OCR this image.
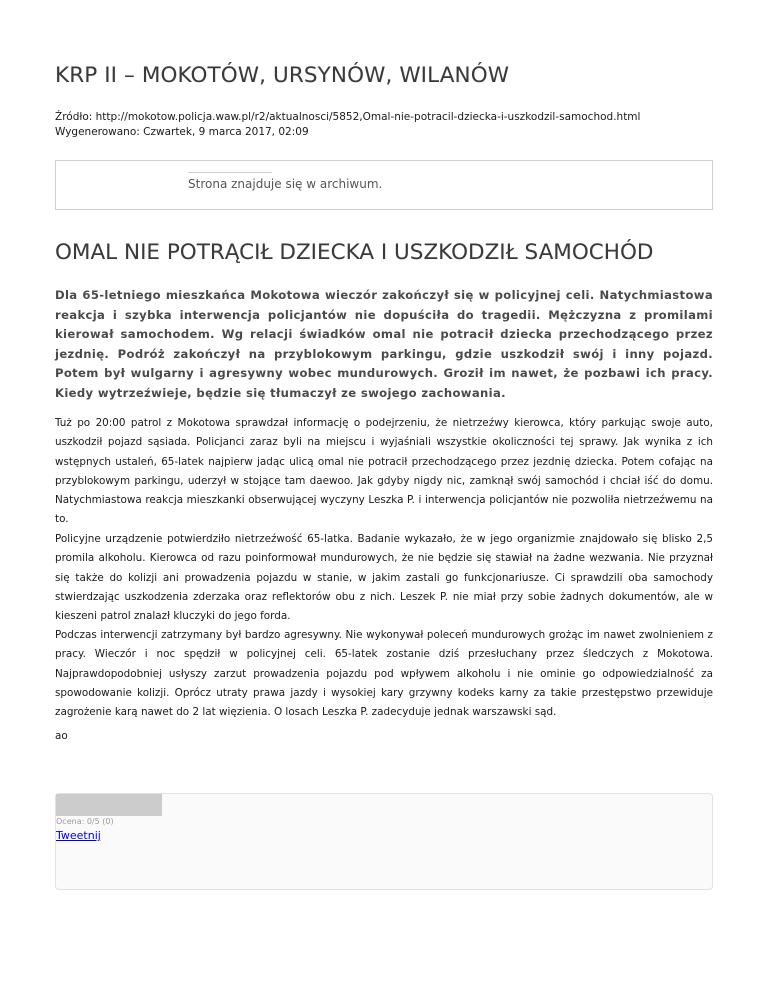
KRP II – MOKOTÓW, URSYNÓW, WILANÓW
Źródło: http://mokotow.policja.waw.pl/r2/aktualnosci/5852,Omal-nie-potracil-dziecka-i-uszkodzil-samochod.html
Wygenerowano: Czwartek, 9 marca 2017, 02:09
Strona znajduje się w archiwum.
OMAL NIE POTRĄCIŁ DZIECKA I USZKODZIŁ SAMOCHÓD

Dla 65-letniego mieszkańca Mokotowa wieczór zakończył się w policyjnej celi. Natychmiastowa reakcja i szybka interwencja policjantów nie dopuściła do tragedii. Mężczyzna z promilami kierował samochodem. Wg relacji świadków omal nie potracił dziecka przechodzącego przez jezdnię. Podróż zakończył na przyblokowym parkingu, gdzie uszkodził swój i inny pojazd. Potem był wulgarny i agresywny wobec mundurowych. Groził im nawet, że pozbawi ich pracy. Kiedy wytrzeźwieje, będzie się tłumaczył ze swojego zachowania.

Tuż po 20:00 patrol z Mokotowa sprawdzał informację o podejrzeniu, że nietrzeźwy kierowca, który parkując swoje auto, uszkodził pojazd sąsiada. Policjanci zaraz byli na miejscu i wyjaśniali wszystkie okoliczności tej sprawy. Jak wynika z ich wstępnych ustaleń, 65-latek najpierw jadąc ulicą omal nie potracił przechodzącego przez jezdnię dziecka. Potem cofając na przyblokowym parkingu, uderzył w stojące tam daewoo. Jak gdyby nigdy nic, zamknął swój samochód i chciał iść do domu. Natychmiastowa reakcja mieszkanki obserwującej wyczyny Leszka P. i interwencja policjantów nie pozwoliła nietrzeźwemu na to.

Policyjne urządzenie potwierdziło nietrzeźwość 65-latka. Badanie wykazało, że w jego organizmie znajdowało się blisko 2,5 promila alkoholu. Kierowca od razu poinformował mundurowych, że nie będzie się stawiał na żadne wezwania. Nie przyznał się także do kolizji ani prowadzenia pojazdu w stanie, w jakim zastali go funkcjonariusze. Ci sprawdzili oba samochody stwierdzając uszkodzenia zderzaka oraz reflektorów obu z nich. Leszek P. nie miał przy sobie żadnych dokumentów, ale w kieszeni patrol znalazł kluczyki do jego forda.

Podczas interwencji zatrzymany był bardzo agresywny. Nie wykonywał poleceń mundurowych grożąc im nawet zwolnieniem z pracy. Wieczór i noc spędził w policyjnej celi. 65-latek zostanie dziś przesłuchany przez śledczych z Mokotowa. Najprawdopodobniej usłyszy zarzut prowadzenia pojazdu pod wpływem alkoholu i nie ominie go odpowiedzialność za spowodowanie kolizji. Oprócz utraty prawa jazdy i wysokiej kary grzywny kodeks karny za takie przestępstwo przewiduje zagrożenie karą nawet do 2 lat więzienia. O losach Leszka P. zadecyduje jednak warszawski sąd.

ao
Ocena: 0/5 (0)
Tweetnij
